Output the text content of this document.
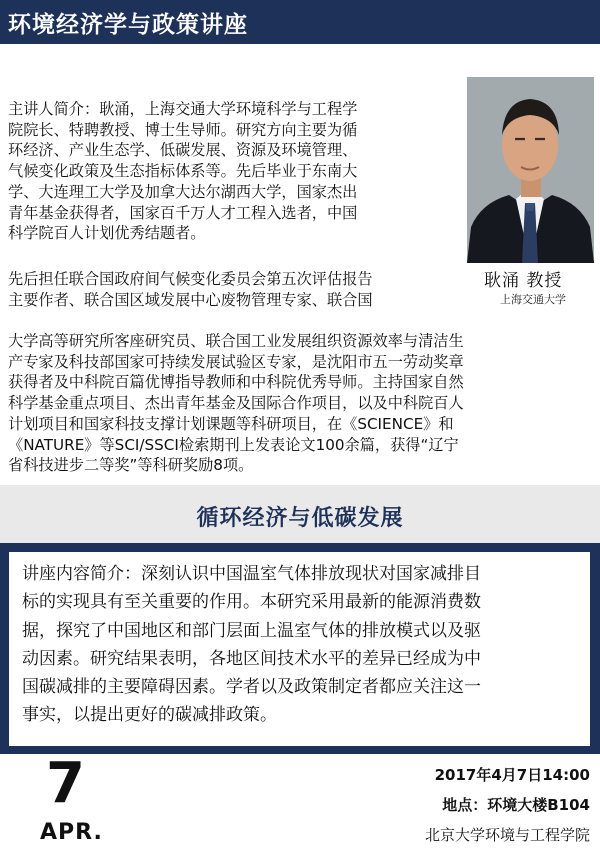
环境经济学与政策讲座
耿涌 教授
上海交通大学
主讲人简介：耿涌，上海交通大学环境科学与工程学
院院长、特聘教授、博士生导师。研究方向主要为循
环经济、产业生态学、低碳发展、资源及环境管理、
气候变化政策及生态指标体系等。先后毕业于东南大
学、大连理工大学及加拿大达尔湖西大学，国家杰出
青年基金获得者，国家百千万人才工程入选者，中国
科学院百人计划优秀结题者。
先后担任联合国政府间气候变化委员会第五次评估报告
主要作者、联合国区域发展中心废物管理专家、联合国
大学高等研究所客座研究员、联合国工业发展组织资源效率与清洁生
产专家及科技部国家可持续发展试验区专家，是沈阳市五一劳动奖章
获得者及中科院百篇优博指导教师和中科院优秀导师。主持国家自然
科学基金重点项目、杰出青年基金及国际合作项目，以及中科院百人
计划项目和国家科技支撑计划课题等科研项目，在《SCIENCE》和
《NATURE》等SCI/SSCI检索期刊上发表论文100余篇，获得“辽宁
省科技进步二等奖”等科研奖励8项。
循环经济与低碳发展
讲座内容简介：深刻认识中国温室气体排放现状对国家减排目
标的实现具有至关重要的作用。本研究采用最新的能源消费数
据，探究了中国地区和部门层面上温室气体的排放模式以及驱
动因素。研究结果表明，各地区间技术水平的差异已经成为中
国碳减排的主要障碍因素。学者以及政策制定者都应关注这一
事实，以提出更好的碳减排政策。
7
APR.
2017年4月7日14:00
地点：环境大楼B104
北京大学环境与工程学院
